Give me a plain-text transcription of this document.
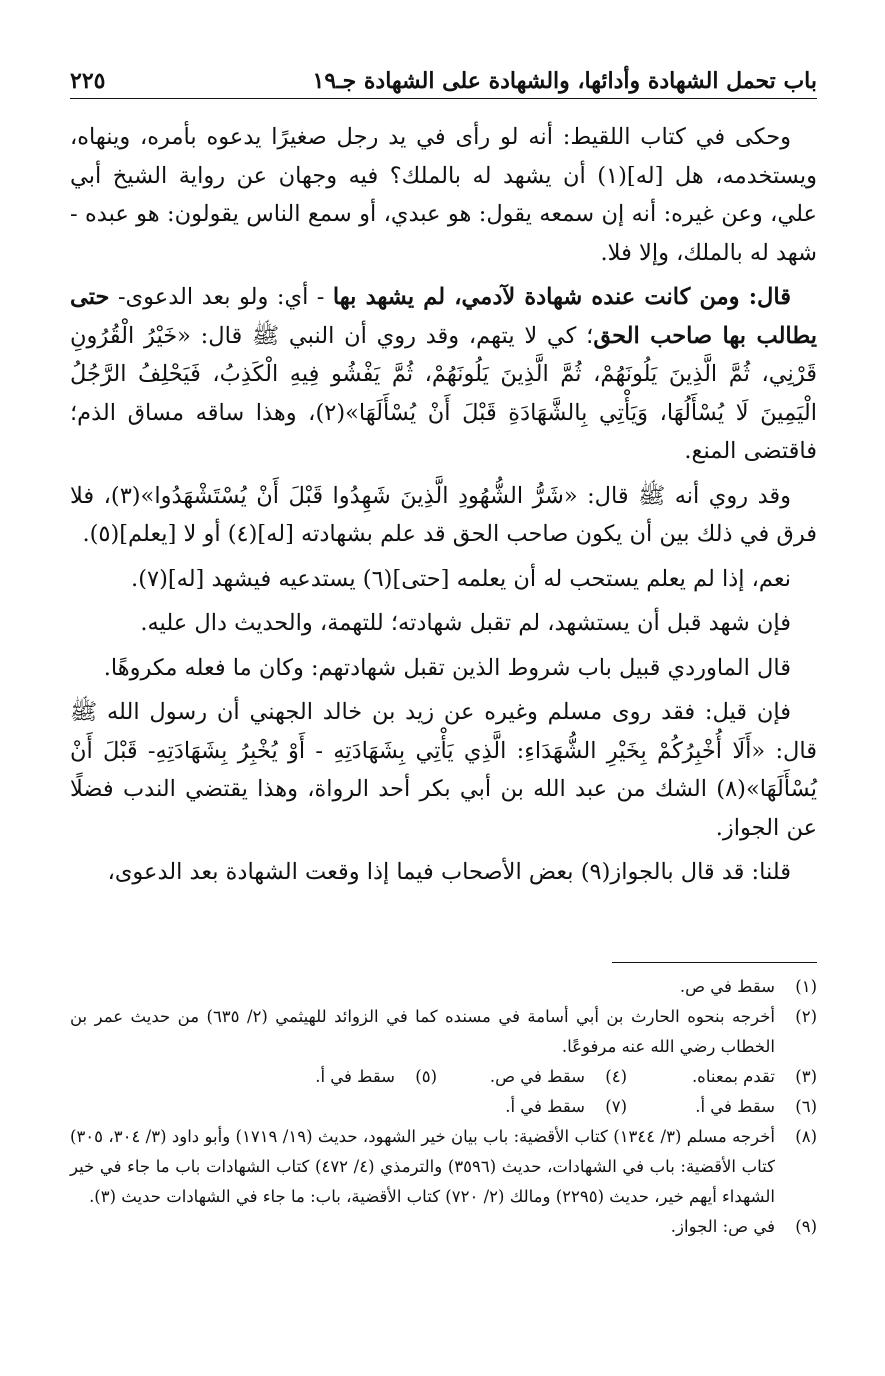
باب تحمل الشهادة وأدائها، والشهادة على الشهادة جـ١٩
٢٢٥

وحكى في كتاب اللقيط: أنه لو رأى في يد رجل صغيرًا يدعوه بأمره، وينهاه، ويستخدمه، هل [له](١) أن يشهد له بالملك؟ فيه وجهان عن رواية الشيخ أبي علي، وعن غيره: أنه إن سمعه يقول: هو عبدي، أو سمع الناس يقولون: هو عبده - شهد له بالملك، وإلا فلا.

قال: ومن كانت عنده شهادة لآدمي، لم يشهد بها - أي: ولو بعد الدعوى- حتى يطالب بها صاحب الحق؛ كي لا يتهم، وقد روي أن النبي ﷺ قال: «خَيْرُ الْقُرُونِ قَرْنِي، ثُمَّ الَّذِينَ يَلُونَهُمْ، ثُمَّ الَّذِينَ يَلُونَهُمْ، ثُمَّ يَفْشُو فِيهِ الْكَذِبُ، فَيَحْلِفُ الرَّجُلُ الْيَمِينَ لَا يُسْأَلُهَا، وَيَأْتِي بِالشَّهَادَةِ قَبْلَ أَنْ يُسْأَلَهَا»(٢)، وهذا ساقه مساق الذم؛ فاقتضى المنع.

وقد روي أنه ﷺ قال: «شَرُّ الشُّهُودِ الَّذِينَ شَهِدُوا قَبْلَ أَنْ يُسْتَشْهَدُوا»(٣)، فلا فرق في ذلك بين أن يكون صاحب الحق قد علم بشهادته [له](٤) أو لا [يعلم](٥).

نعم، إذا لم يعلم يستحب له أن يعلمه [حتى](٦) يستدعيه فيشهد [له](٧).

فإن شهد قبل أن يستشهد، لم تقبل شهادته؛ للتهمة، والحديث دال عليه.

قال الماوردي قبيل باب شروط الذين تقبل شهادتهم: وكان ما فعله مكروهًا.

فإن قيل: فقد روى مسلم وغيره عن زيد بن خالد الجهني أن رسول الله ﷺ قال: «أَلَا أُخْبِرُكُمْ بِخَيْرِ الشُّهَدَاءِ: الَّذِي يَأْتِي بِشَهَادَتِهِ - أَوْ يُخْبِرُ بِشَهَادَتِهِ- قَبْلَ أَنْ يُسْأَلَهَا»(٨) الشك من عبد الله بن أبي بكر أحد الرواة، وهذا يقتضي الندب فضلًا عن الجواز.

قلنا: قد قال بالجواز(٩) بعض الأصحاب فيما إذا وقعت الشهادة بعد الدعوى،

(١)
سقط في ص.
(٢)
أخرجه بنحوه الحارث بن أبي أسامة في مسنده كما في الزوائد للهيثمي (٢/ ٦٣٥) من حديث عمر بن الخطاب رضي الله عنه مرفوعًا.
(٣)
تقدم بمعناه.
(٤)
سقط في ص.
(٥)
سقط في أ.
(٦)
سقط في أ.
(٧)
سقط في أ.
(٨)
أخرجه مسلم (٣/ ١٣٤٤) كتاب الأقضية: باب بيان خير الشهود، حديث (١٩/ ١٧١٩) وأبو داود (٣/ ٣٠٤، ٣٠٥) كتاب الأقضية: باب في الشهادات، حديث (٣٥٩٦) والترمذي (٤/ ٤٧٢) كتاب الشهادات باب ما جاء في خير الشهداء أيهم خير، حديث (٢٢٩٥) ومالك (٢/ ٧٢٠) كتاب الأقضية، باب: ما جاء في الشهادات حديث (٣).
(٩)
في ص: الجواز.
